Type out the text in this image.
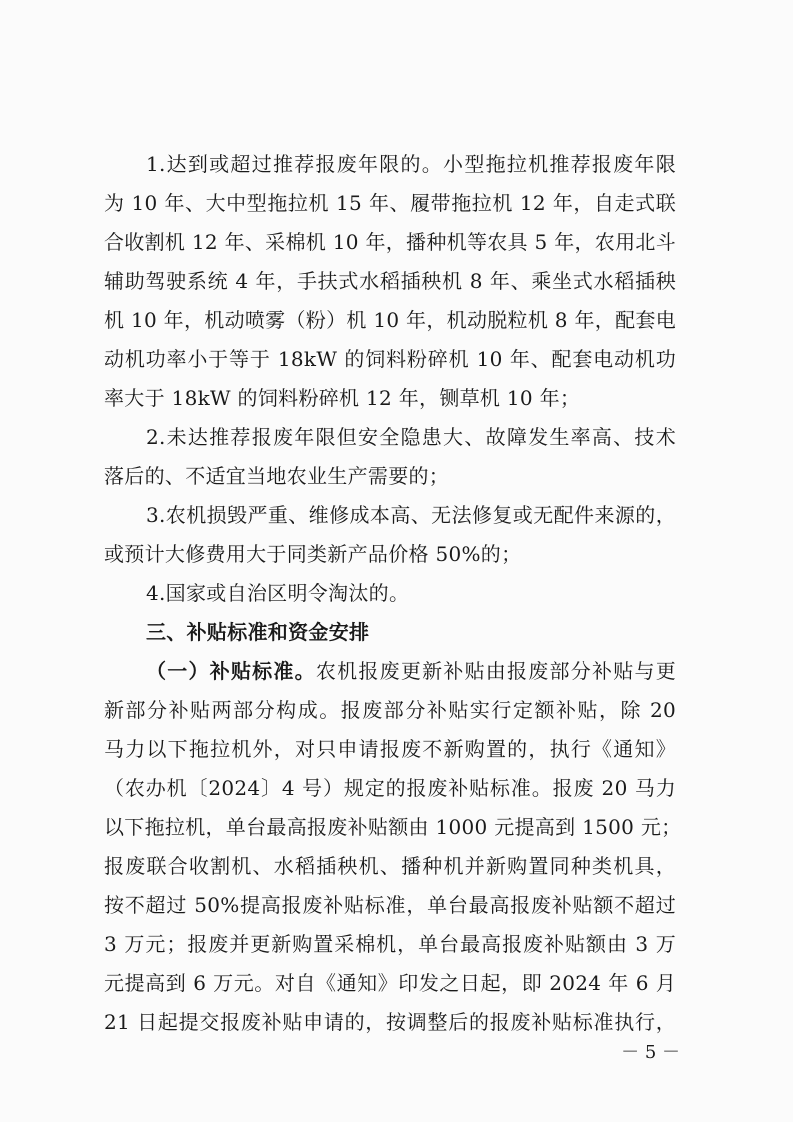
1.达到或超过推荐报废年限的。小型拖拉机推荐报废年限
为 10 年、大中型拖拉机 15 年、履带拖拉机 12 年，自走式联
合收割机 12 年、采棉机 10 年，播种机等农具 5 年，农用北斗
辅助驾驶系统 4 年，手扶式水稻插秧机 8 年、乘坐式水稻插秧
机 10 年，机动喷雾（粉）机 10 年，机动脱粒机 8 年，配套电
动机功率小于等于 18kW 的饲料粉碎机 10 年、配套电动机功
率大于 18kW 的饲料粉碎机 12 年，铡草机 10 年；
2.未达推荐报废年限但安全隐患大、故障发生率高、技术
落后的、不适宜当地农业生产需要的；
3.农机损毁严重、维修成本高、无法修复或无配件来源的，
或预计大修费用大于同类新产品价格 50%的；
4.国家或自治区明令淘汰的。
三、补贴标准和资金安排
（一）补贴标准。农机报废更新补贴由报废部分补贴与更
新部分补贴两部分构成。报废部分补贴实行定额补贴，除 20
马力以下拖拉机外，对只申请报废不新购置的，执行《通知》
（农办机〔2024〕4 号）规定的报废补贴标准。报废 20 马力
以下拖拉机，单台最高报废补贴额由 1000 元提高到 1500 元；
报废联合收割机、水稻插秧机、播种机并新购置同种类机具，
按不超过 50%提高报废补贴标准，单台最高报废补贴额不超过
3 万元；报废并更新购置采棉机，单台最高报废补贴额由 3 万
元提高到 6 万元。对自《通知》印发之日起，即 2024 年 6 月
21 日起提交报废补贴申请的，按调整后的报废补贴标准执行，
－ 5 －
